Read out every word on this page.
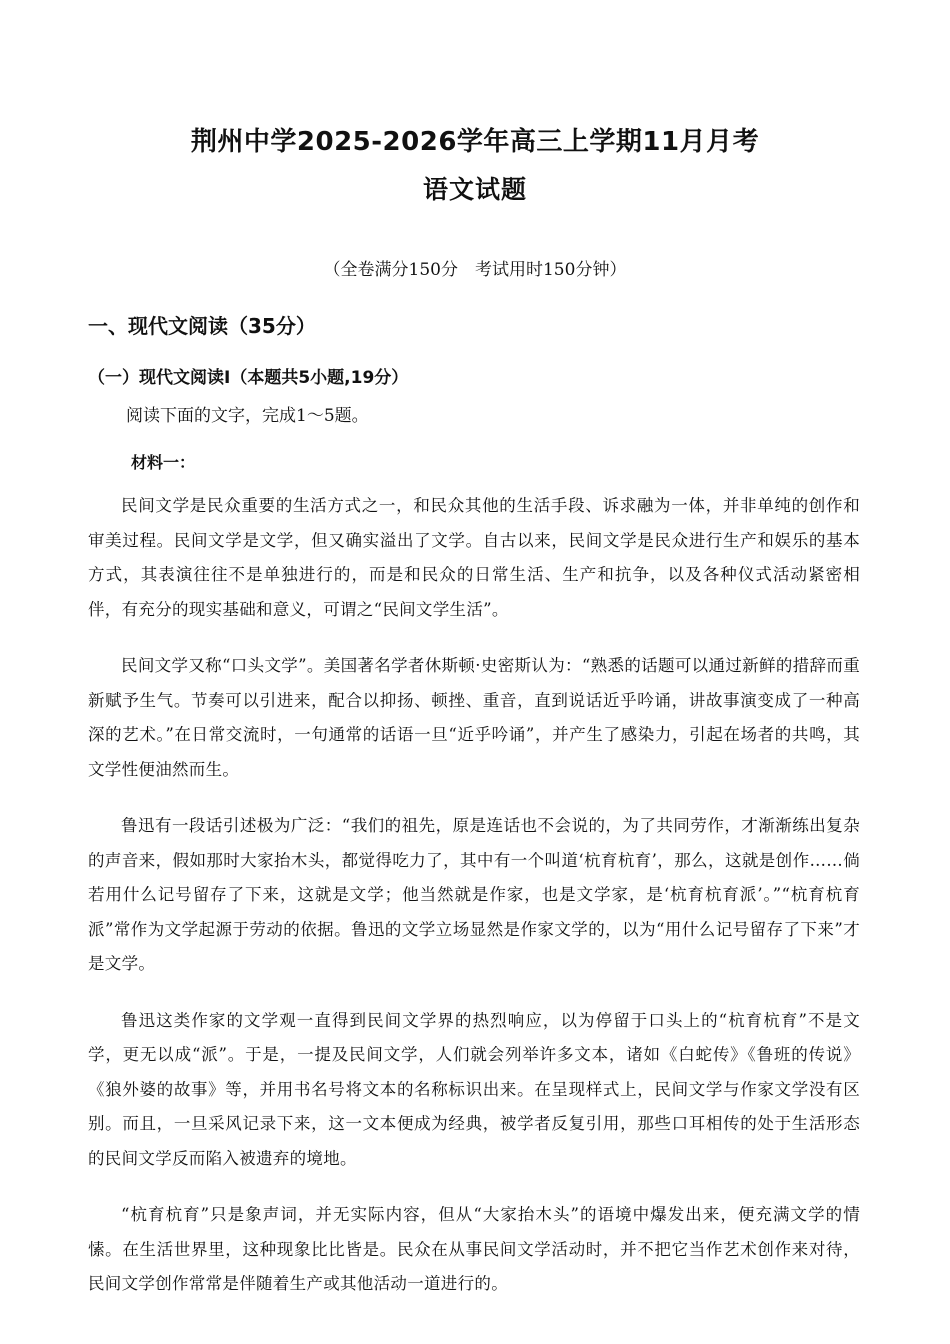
荆州中学2025-2026学年高三上学期11月月考
语文试题
（全卷满分150分　考试用时150分钟）
一、现代文阅读（35分）
（一）现代文阅读Ⅰ（本题共5小题,19分）
阅读下面的文字，完成1～5题。
材料一：

民间文学是民众重要的生活方式之一，和民众其他的生活手段、诉求融为一体，并非单纯的创作和审美过程。民间文学是文学，但又确实溢出了文学。自古以来，民间文学是民众进行生产和娱乐的基本方式，其表演往往不是单独进行的，而是和民众的日常生活、生产和抗争，以及各种仪式活动紧密相伴，有充分的现实基础和意义，可谓之“民间文学生活”。

民间文学又称“口头文学”。美国著名学者休斯顿·史密斯认为：“熟悉的话题可以通过新鲜的措辞而重新赋予生气。节奏可以引进来，配合以抑扬、顿挫、重音，直到说话近乎吟诵，讲故事演变成了一种高深的艺术。”在日常交流时，一句通常的话语一旦“近乎吟诵”，并产生了感染力，引起在场者的共鸣，其文学性便油然而生。

鲁迅有一段话引述极为广泛：“我们的祖先，原是连话也不会说的，为了共同劳作，才渐渐练出复杂的声音来，假如那时大家抬木头，都觉得吃力了，其中有一个叫道‘杭育杭育’，那么，这就是创作……倘若用什么记号留存了下来，这就是文学；他当然就是作家，也是文学家，是‘杭育杭育派’。”“杭育杭育派”常作为文学起源于劳动的依据。鲁迅的文学立场显然是作家文学的，以为“用什么记号留存了下来”才是文学。

鲁迅这类作家的文学观一直得到民间文学界的热烈响应，以为停留于口头上的“杭育杭育”不是文学，更无以成“派”。于是，一提及民间文学，人们就会列举许多文本，诸如《白蛇传》《鲁班的传说》《狼外婆的故事》等，并用书名号将文本的名称标识出来。在呈现样式上，民间文学与作家文学没有区别。而且，一旦采风记录下来，这一文本便成为经典，被学者反复引用，那些口耳相传的处于生活形态的民间文学反而陷入被遗弃的境地。

“杭育杭育”只是象声词，并无实际内容，但从“大家抬木头”的语境中爆发出来，便充满文学的情愫。在生活世界里，这种现象比比皆是。民众在从事民间文学活动时，并不把它当作艺术创作来对待，民间文学创作常常是伴随着生产或其他活动一道进行的。
